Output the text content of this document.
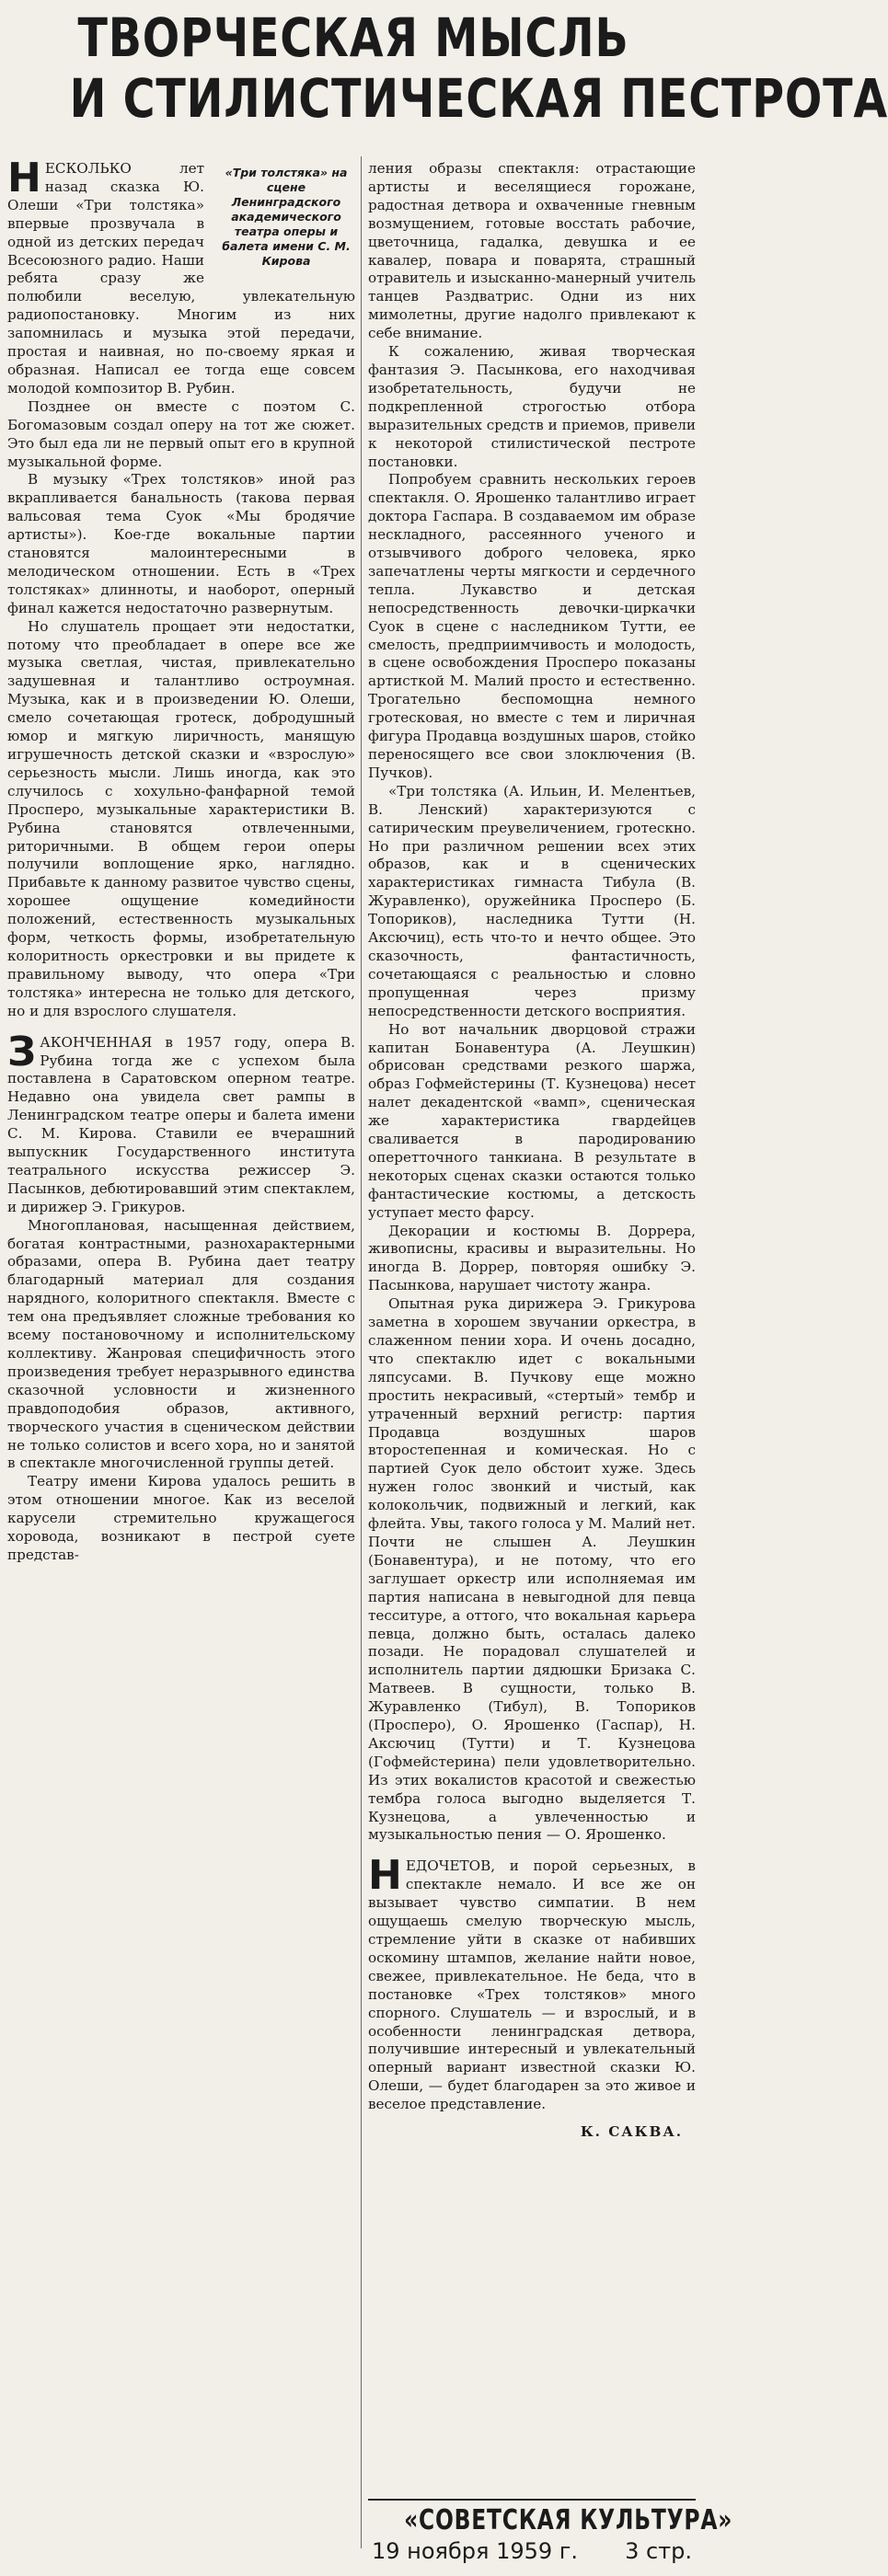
ТВОРЧЕСКАЯ МЫСЛЬ
И СТИЛИСТИЧЕСКАЯ ПЕСТРОТА
«Три толстяка» на сцене Ленинградского академического театра оперы и балета имени С. М. Кирова

НЕСКОЛЬКО лет назад сказка Ю. Олеши «Три толстяка» впервые прозвучала в одной из детских передач Всесоюзного радио. Наши ребята сразу же полюбили веселую, увлекательную радиопостановку. Многим из них запомнилась и музыка этой передачи, простая и наивная, но по-своему яркая и образная. Написал ее тогда еще совсем молодой композитор В. Рубин.

Позднее он вместе с поэтом С. Богомазовым создал оперу на тот же сюжет. Это был еда ли не первый опыт его в крупной музыкальной форме.

В музыку «Трех толстяков» иной раз вкрапливается банальность (такова первая вальсовая тема Суок «Мы бродячие артисты»). Кое-где вокальные партии становятся малоинтересными в мелодическом отношении. Есть в «Трех толстяках» длинноты, и наоборот, оперный финал кажется недостаточно развернутым.

Но слушатель прощает эти недостатки, потому что преобладает в опере все же музыка светлая, чистая, привлекательно задушевная и талантливо остроумная. Музыка, как и в произведении Ю. Олеши, смело сочетающая гротеск, добродушный юмор и мягкую лиричность, манящую игрушечность детской сказки и «взрослую» серьезность мысли. Лишь иногда, как это случилось с хохульно-фанфарной темой Просперо, музыкальные характеристики В. Рубина становятся отвлеченными, риторичными. В общем герои оперы получили воплощение ярко, наглядно. Прибавьте к данному развитое чувство сцены, хорошее ощущение комедийности положений, естественность музыкальных форм, четкость формы, изобретательную колоритность оркестровки и вы придете к правильному выводу, что опера «Три толстяка» интересна не только для детского, но и для взрослого слушателя.

ЗАКОНЧЕННАЯ в 1957 году, опера В. Рубина тогда же с успехом была поставлена в Саратовском оперном театре. Недавно она увидела свет рампы в Ленинградском театре оперы и балета имени С. М. Кирова. Ставили ее вчерашний выпускник Государственного института театрального искусства режиссер Э. Пасынков, дебютировавший этим спектаклем, и дирижер Э. Грикуров.

Многоплановая, насыщенная действием, богатая контрастными, разнохарактерными образами, опера В. Рубина дает театру благодарный материал для создания нарядного, колоритного спектакля. Вместе с тем она предъявляет сложные требования ко всему постановочному и исполнительскому коллективу. Жанровая специфичность этого произведения требует неразрывного единства сказочной условности и жизненного правдоподобия образов, активного, творческого участия в сценическом действии не только солистов и всего хора, но и занятой в спектакле многочисленной группы детей.

Театру имени Кирова удалось решить в этом отношении многое. Как из веселой карусели стремительно кружащегося хоровода, возникают в пестрой суете представ-

ления образы спектакля: отрастающие артисты и веселящиеся горожане, радостная детвора и охваченные гневным возмущением, готовые восстать рабочие, цветочница, гадалка, девушка и ее кавалер, повара и поварята, страшный отравитель и изысканно-манерный учитель танцев Раздватрис. Одни из них мимолетны, другие надолго привлекают к себе внимание.

К сожалению, живая творческая фантазия Э. Пасынкова, его находчивая изобретательность, будучи не подкрепленной строгостью отбора выразительных средств и приемов, привели к некоторой стилистической пестроте постановки.

Попробуем сравнить нескольких героев спектакля. О. Ярошенко талантливо играет доктора Гаспара. В создаваемом им образе нескладного, рассеянного ученого и отзывчивого доброго человека, ярко запечатлены черты мягкости и сердечного тепла. Лукавство и детская непосредственность девочки-циркачки Суок в сцене с наследником Тутти, ее смелость, предприимчивость и молодость, в сцене освобождения Просперо показаны артисткой М. Малий просто и естественно. Трогательно беспомощна немного гротесковая, но вместе с тем и лиричная фигура Продавца воздушных шаров, стойко переносящего все свои злоключения (В. Пучков).

«Три толстяка (А. Ильин, И. Мелентьев, В. Ленский) характеризуются с сатирическим преувеличением, гротескно. Но при различном решении всех этих образов, как и в сценических характеристиках гимнаста Тибула (В. Журавленко), оружейника Просперо (Б. Топориков), наследника Тутти (Н. Аксючиц), есть что-то и нечто общее. Это сказочность, фантастичность, сочетающаяся с реальностью и словно пропущенная через призму непосредственности детского восприятия.

Но вот начальник дворцовой стражи капитан Бонавентура (А. Леушкин) обрисован средствами резкого шаржа, образ Гофмейстерины (Т. Кузнецова) несет налет декадентской «вамп», сценическая же характеристика гвардейцев сваливается в пародированию оперетточного танкиана. В результате в некоторых сценах сказки остаются только фантастические костюмы, а детскость уступает место фарсу.

Декорации и костюмы В. Доррера, живописны, красивы и выразительны. Но иногда В. Доррер, повторяя ошибку Э. Пасынкова, нарушает чистоту жанра.

Опытная рука дирижера Э. Грикурова заметна в хорошем звучании оркестра, в слаженном пении хора. И очень досадно, что спектаклю идет с вокальными ляпсусами. В. Пучкову еще можно простить некрасивый, «стертый» тембр и утраченный верхний регистр: партия Продавца воздушных шаров второстепенная и комическая. Но с партией Суок дело обстоит хуже. Здесь нужен голос звонкий и чистый, как колокольчик, подвижный и легкий, как флейта. Увы, такого голоса у М. Малий нет. Почти не слышен А. Леушкин (Бонавентура), и не потому, что его заглушает оркестр или исполняемая им партия написана в невыгодной для певца тесситуре, а оттого, что вокальная карьера певца, должно быть, осталась далеко позади. Не порадовал слушателей и исполнитель партии дядюшки Бризака С. Матвеев. В сущности, только В. Журавленко (Тибул), В. Топориков (Просперо), О. Ярошенко (Гаспар), Н. Аксючиц (Тутти) и Т. Кузнецова (Гофмейстерина) пели удовлетворительно. Из этих вокалистов красотой и свежестью тембра голоса выгодно выделяется Т. Кузнецова, а увлеченностью и музыкальностью пения — О. Ярошенко.

НЕДОЧЕТОВ, и порой серьезных, в спектакле немало. И все же он вызывает чувство симпатии. В нем ощущаешь смелую творческую мысль, стремление уйти в сказке от набивших оскомину штампов, желание найти новое, свежее, привлекательное. Не беда, что в постановке «Трех толстяков» много спорного. Слушатель — и взрослый, и в особенности ленинградская детвора, получившие интересный и увлекательный оперный вариант известной сказки Ю. Олеши, — будет благодарен за это живое и веселое представление.

К. САКВА.
«СОВЕТСКАЯ КУЛЬТУРА»
19 ноября 1959 г. 3 стр.
